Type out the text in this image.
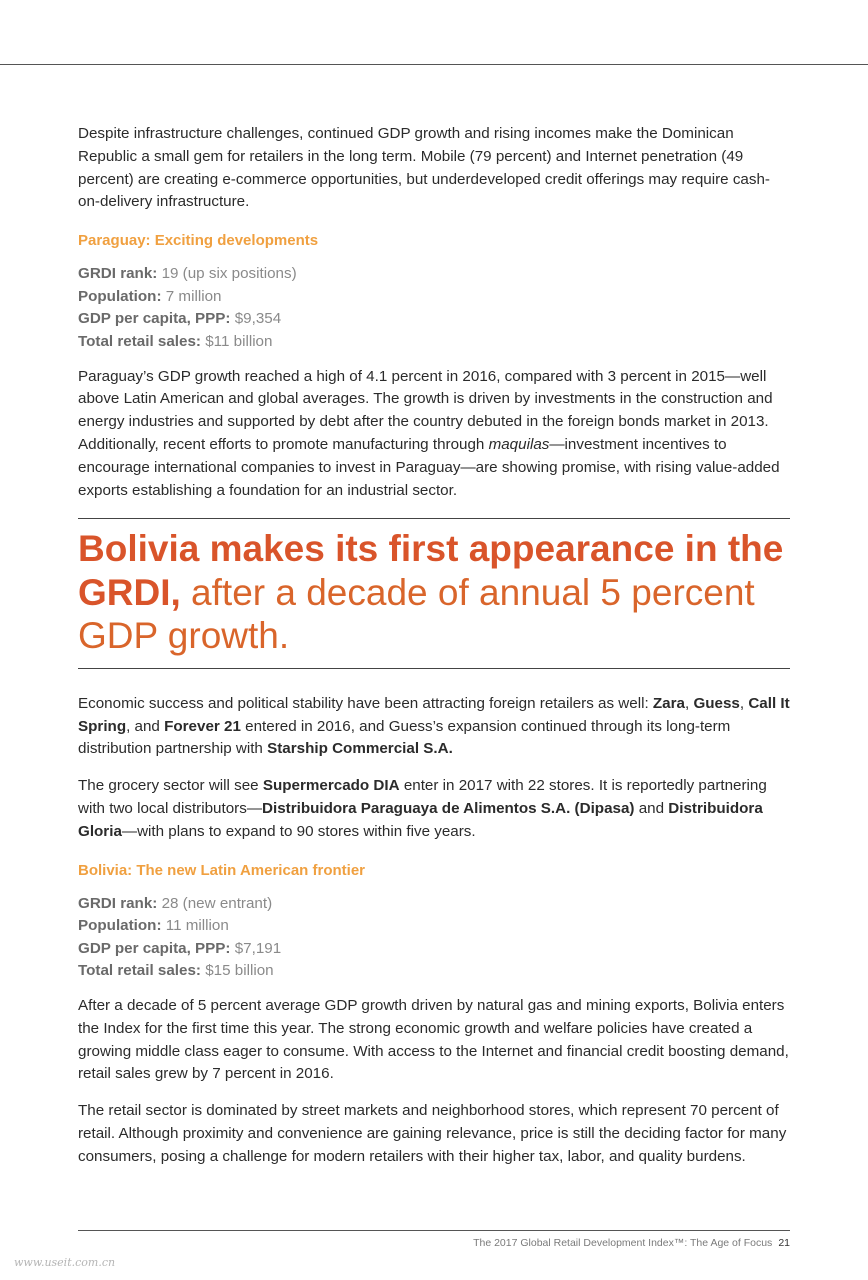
Despite infrastructure challenges, continued GDP growth and rising incomes make the Dominican Republic a small gem for retailers in the long term. Mobile (79 percent) and Internet penetration (49 percent) are creating e-commerce opportunities, but underdeveloped credit offerings may require cash-on-delivery infrastructure.

Paraguay: Exciting developments
GRDI rank: 19 (up six positions)
Population: 7 million
GDP per capita, PPP: $9,354
Total retail sales: $11 billion

Paraguay’s GDP growth reached a high of 4.1 percent in 2016, compared with 3 percent in 2015—well above Latin American and global averages. The growth is driven by investments in the construction and energy industries and supported by debt after the country debuted in the foreign bonds market in 2013. Additionally, recent efforts to promote manufacturing through maquilas—investment incentives to encourage international companies to invest in Paraguay—are showing promise, with rising value-added exports establishing a foundation for an industrial sector.

Bolivia makes its first appearance in the GRDI, after a decade of annual 5 percent GDP growth.

Economic success and political stability have been attracting foreign retailers as well: Zara, Guess, Call It Spring, and Forever 21 entered in 2016, and Guess’s expansion continued through its long-term distribution partnership with Starship Commercial S.A.

The grocery sector will see Supermercado DIA enter in 2017 with 22 stores. It is reportedly partnering with two local distributors—Distribuidora Paraguaya de Alimentos S.A. (Dipasa) and Distribuidora Gloria—with plans to expand to 90 stores within five years.

Bolivia: The new Latin American frontier
GRDI rank: 28 (new entrant)
Population: 11 million
GDP per capita, PPP: $7,191
Total retail sales: $15 billion

After a decade of 5 percent average GDP growth driven by natural gas and mining exports, Bolivia enters the Index for the first time this year. The strong economic growth and welfare policies have created a growing middle class eager to consume. With access to the Internet and financial credit boosting demand, retail sales grew by 7 percent in 2016.

The retail sector is dominated by street markets and neighborhood stores, which represent 70 percent of retail. Although proximity and convenience are gaining relevance, price is still the deciding factor for many consumers, posing a challenge for modern retailers with their higher tax, labor, and quality burdens.

The 2017 Global Retail Development Index™: The Age of Focus 21
www.useit.com.cn
